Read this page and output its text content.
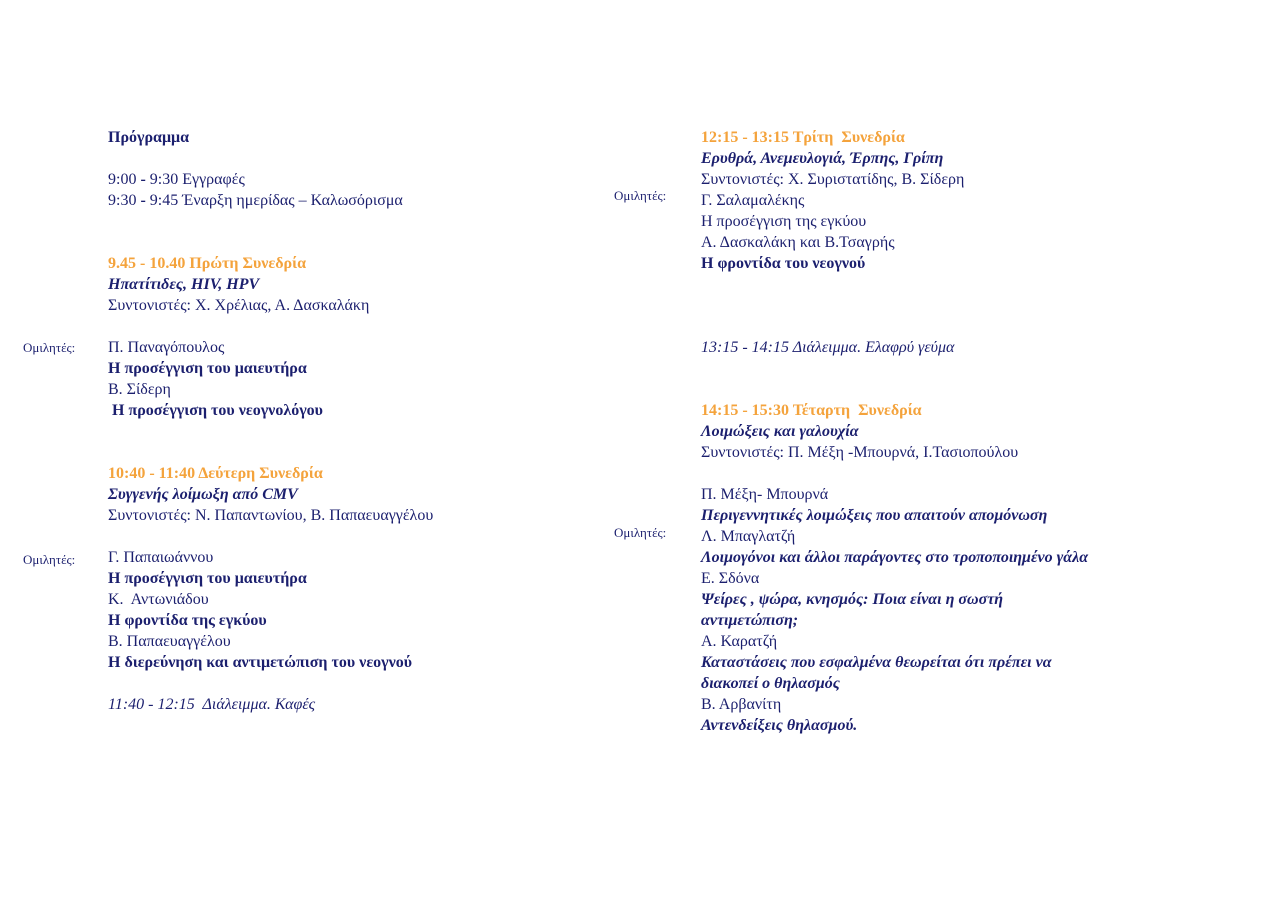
Ομιλητές:
Ομιλητές:
Ομιλητές:
Ομιλητές:
Πρόγραμμα
9:00 - 9:30 Εγγραφές
9:30 - 9:45 Έναρξη ημερίδας – Καλωσόρισμα
9.45 - 10.40 Πρώτη Συνεδρία
Ηπατίτιδες, HIV, HPV
Συντονιστές: Χ. Χρέλιας, Α. Δασκαλάκη
Π. Παναγόπουλος
Η προσέγγιση του μαιευτήρα
Β. Σίδερη
Η προσέγγιση του νεογνολόγου
10:40 - 11:40 Δεύτερη Συνεδρία
Συγγενής λοίμωξη από CMV
Συντονιστές: Ν. Παπαντωνίου, Β. Παπαευαγγέλου
Γ. Παπαιωάννου
Η προσέγγιση του μαιευτήρα
Κ.  Αντωνιάδου
Η φροντίδα της εγκύου
Β. Παπαευαγγέλου
Η διερεύνηση και αντιμετώπιση του νεογνού
11:40 - 12:15  Διάλειμμα. Καφές
12:15 - 13:15 Τρίτη  Συνεδρία
Ερυθρά, Ανεμευλογιά, Έρπης, Γρίπη
Συντονιστές: Χ. Συριστατίδης, Β. Σίδερη
Γ. Σαλαμαλέκης
Η προσέγγιση της εγκύου
Α. Δασκαλάκη και Β.Τσαγρής
Η φροντίδα του νεογνού
13:15 - 14:15 Διάλειμμα. Ελαφρύ γεύμα
14:15 - 15:30 Τέταρτη  Συνεδρία
Λοιμώξεις και γαλουχία
Συντονιστές: Π. Μέξη -Μπουρνά, Ι.Τασιοπούλου
Π. Μέξη- Μπουρνά
Περιγεννητικές λοιμώξεις που απαιτούν απομόνωση
Λ. Μπαγλατζή
Λοιμογόνοι και άλλοι παράγοντες στο τροποποιημένο γάλα
Ε. Σδόνα
Ψείρες , ψώρα, κνησμός: Ποια είναι η σωστή αντιμετώπιση;
Α. Καρατζή
Καταστάσεις που εσφαλμένα θεωρείται ότι πρέπει να διακοπεί ο θηλασμός
Β. Αρβανίτη
Αντενδείξεις θηλασμού.
